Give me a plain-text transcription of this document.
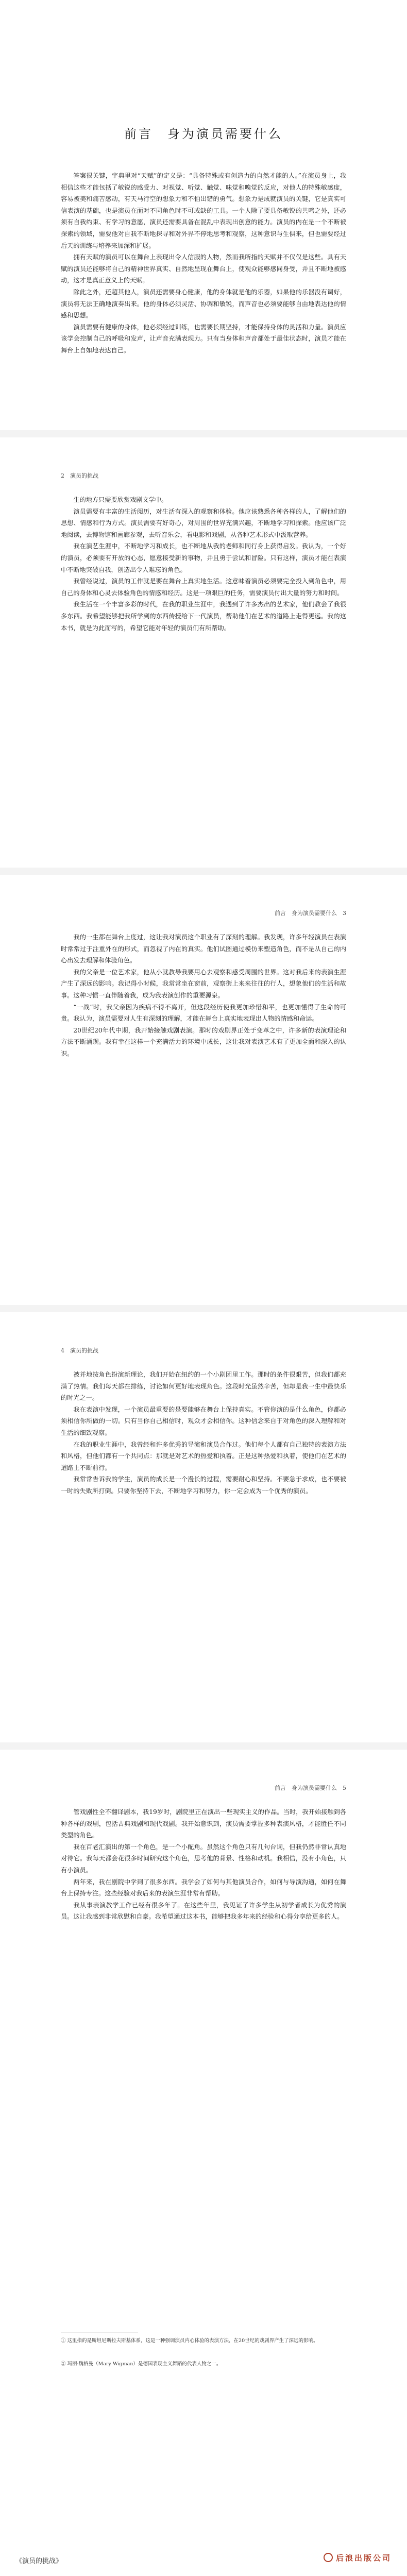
前言　身为演员需要什么

答案很关键，字典里对“天赋”的定义是：“具备特殊或有创造力的自然才能的人。”在演员身上，我相信这些才能包括了敏锐的感受力、对视觉、听觉、触觉、味觉和嗅觉的反应，对他人的特殊敏感度，容易被美和痛苦感动，有天马行空的想象力和不怕出错的勇气。想象力是成就演员的关键，它是真实可信表演的基础，也是演员在面对不同角色时不可或缺的工具。一个人除了要具备敏锐的共鸣之外，还必须有自我约束、有学习的意愿，演员还需要具备在混乱中表现出创意的能力。演员的内在是一个不断被探索的领域，需要他对自我不断地探寻和对外界不停地思考和观察，这种意识与生俱来，但也需要经过后天的训练与培养来加深和扩展。

拥有天赋的演员可以在舞台上表现出令人信服的人物，然而我所指的天赋并不仅仅是这些。具有天赋的演员还能够将自己的精神世界真实、自然地呈现在舞台上，使观众能够感同身受，并且不断地被感动，这才是真正意义上的天赋。

除此之外，还超其他人，演员还需要身心健康，他的身体就是他的乐器，如果他的乐器没有调好，演员将无法正确地演奏出来。他的身体必须灵活、协调和敏锐，而声音也必须要能够自由地表达他的情感和思想。

演员需要有健康的身体，他必须经过训练，也需要长期坚持，才能保持身体的灵活和力量。演员应该学会控制自己的呼吸和发声，让声音充满表现力。只有当身体和声音都处于最佳状态时，演员才能在舞台上自如地表达自己。

2　演员的挑战

生的地方只需要欣赏戏剧文学中。

演员需要有丰富的生活阅历，对生活有深入的观察和体验。他应该熟悉各种各样的人，了解他们的思想、情感和行为方式。演员需要有好奇心，对周围的世界充满兴趣，不断地学习和探索。他应该广泛地阅读，去博物馆和画廊参观，去听音乐会，看电影和戏剧，从各种艺术形式中汲取营养。

我在演艺生涯中，不断地学习和成长，也不断地从我的老师和同行身上获得启发。我认为，一个好的演员，必须要有开放的心态，愿意接受新的事物，并且勇于尝试和冒险。只有这样，演员才能在表演中不断地突破自我，创造出令人难忘的角色。

我曾经说过，演员的工作就是要在舞台上真实地生活。这意味着演员必须要完全投入到角色中，用自己的身体和心灵去体验角色的情感和经历。这是一项艰巨的任务，需要演员付出大量的努力和时间。

我生活在一个丰富多彩的时代，在我的职业生涯中，我遇到了许多杰出的艺术家，他们教会了我很多东西。我希望能够把我所学到的东西传授给下一代演员，帮助他们在艺术的道路上走得更远。我的这本书，就是为此而写的，希望它能对年轻的演员们有所帮助。

前言　身为演员需要什么　3

我的一生都在舞台上度过，这让我对演员这个职业有了深刻的理解。我发现，许多年轻演员在表演时常常过于注重外在的形式，而忽视了内在的真实。他们试图通过模仿来塑造角色，而不是从自己的内心出发去理解和体验角色。

我的父亲是一位艺术家，他从小就教导我要用心去观察和感受周围的世界。这对我后来的表演生涯产生了深远的影响。我记得小时候，我常常坐在窗前，观察街上来来往往的行人，想象他们的生活和故事。这种习惯一直伴随着我，成为我表演创作的重要源泉。

“一战”时，我父亲因为疾病不得不离开，但这段经历使我更加珍惜和平，也更加懂得了生命的可贵。我认为，演员需要对人生有深刻的理解，才能在舞台上真实地表现出人物的情感和命运。

20世纪20年代中期，我开始接触戏剧表演。那时的戏剧界正处于变革之中，许多新的表演理论和方法不断涌现。我有幸在这样一个充满活力的环境中成长，这让我对表演艺术有了更加全面和深入的认识。

4　演员的挑战

被并地按角色扮演新理论，我们开始在纽约的一个小剧团里工作。那时的条件很艰苦，但我们都充满了热情。我们每天都在排练，讨论如何更好地表现角色。这段时光虽然辛苦，但却是我一生中最快乐的时光之一。

我在表演中发现，一个演员最重要的是要能够在舞台上保持真实。不管你演的是什么角色，你都必须相信你所做的一切。只有当你自己相信时，观众才会相信你。这种信念来自于对角色的深入理解和对生活的细致观察。

在我的职业生涯中，我曾经和许多优秀的导演和演员合作过。他们每个人都有自己独特的表演方法和风格，但他们都有一个共同点：那就是对艺术的热爱和执着。正是这种热爱和执着，使他们在艺术的道路上不断前行。

我常常告诉我的学生，演员的成长是一个漫长的过程，需要耐心和坚持。不要急于求成，也不要被一时的失败所打倒。只要你坚持下去，不断地学习和努力，你一定会成为一个优秀的演员。

前言　身为演员需要什么　5

管戏剧性全不翻译剧本，我19岁时，剧院里正在演出一些现实主义的作品。当时，我开始接触到各种各样的戏剧，包括古典戏剧和现代戏剧。我开始意识到，演员需要掌握多种表演风格，才能胜任不同类型的角色。

我在百老汇演出的第一个角色，是一个小配角。虽然这个角色只有几句台词，但我仍然非常认真地对待它。我每天都会花很多时间研究这个角色，思考他的背景、性格和动机。我相信，没有小角色，只有小演员。

两年来，我在剧院中学到了很多东西。我学会了如何与其他演员合作，如何与导演沟通，如何在舞台上保持专注。这些经验对我后来的表演生涯非常有帮助。

我从事表演教学工作已经有很多年了。在这些年里，我见证了许多学生从初学者成长为优秀的演员。这让我感到非常欣慰和自豪。我希望通过这本书，能够把我多年来的经验和心得分享给更多的人。

① 这里指的是斯坦尼斯拉夫斯基体系，这是一种强调演员内心体验的表演方法，在20世纪的戏剧界产生了深远的影响。
② 玛丽·魏格曼（Mary Wigman）是德国表现主义舞蹈的代表人物之一。
《演员的挑战》	后浪出版公司
